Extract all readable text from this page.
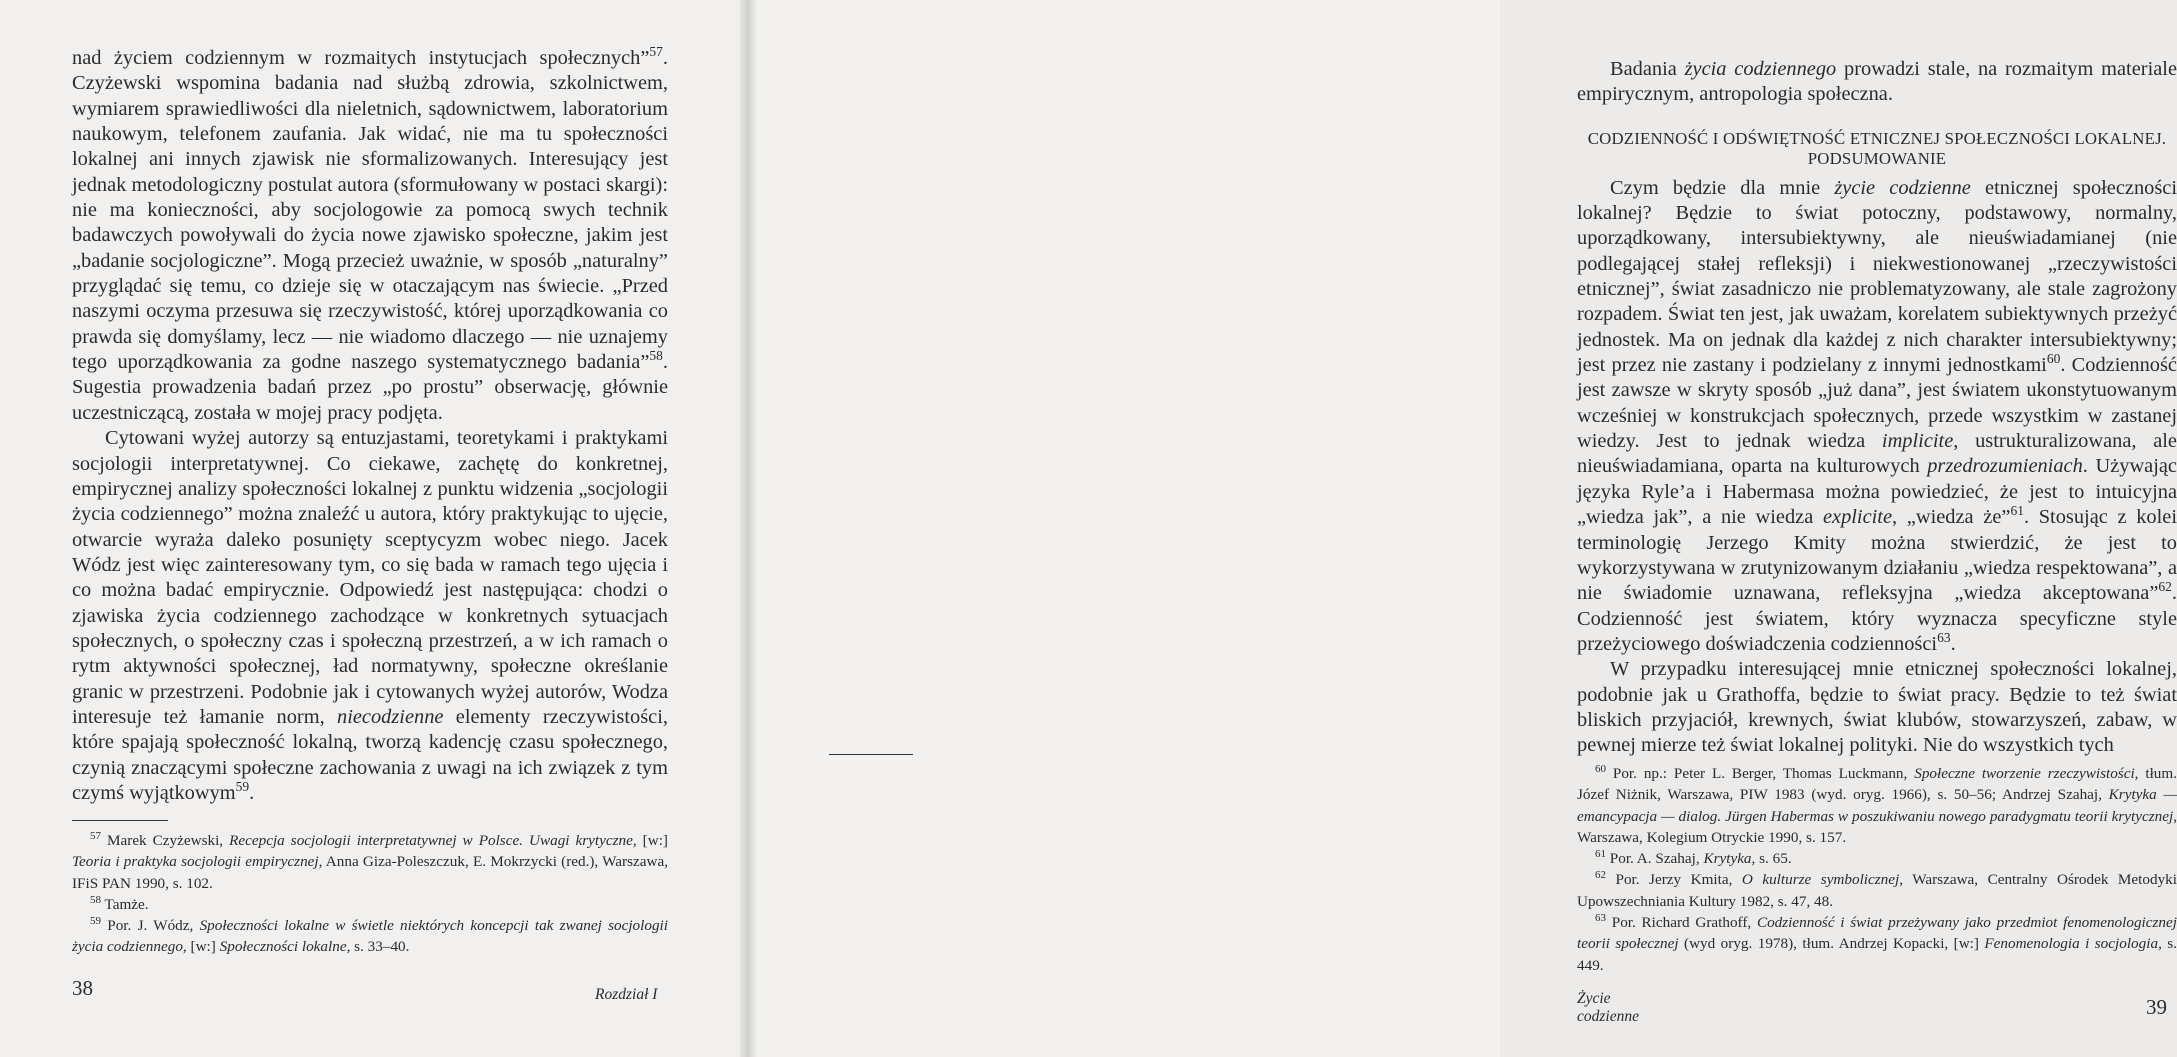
nad życiem codziennym w rozmaitych instytucjach społecznych”$^{57}$. Czyżewski wspomina badania nad służbą zdrowia, szkolnictwem, wymiarem sprawiedliwości dla nieletnich, sądownictwem, laboratorium naukowym, telefonem zaufania. Jak widać, nie ma tu społeczności lokalnej ani innych zjawisk nie sformalizowanych. Interesujący jest jednak metodologiczny postulat autora (sformułowany w postaci skargi): nie ma konieczności, aby socjologowie za pomocą swych technik badawczych powoływali do życia nowe zjawisko społeczne, jakim jest „badanie socjologiczne”. Mogą przecież uważnie, w sposób „naturalny” przyglądać się temu, co dzieje się w otaczającym nas świecie. „Przed naszymi oczyma przesuwa się rzeczywistość, której uporządkowania co prawda się domyślamy, lecz — nie wiadomo dlaczego — nie uznajemy tego uporządkowania za godne naszego systematycznego badania”$^{58}$. Sugestia prowadzenia badań przez „po prostu” obserwację, głównie uczestniczącą, została w mojej pracy podjęta.

Cytowani wyżej autorzy są entuzjastami, teoretykami i praktykami socjologii interpretatywnej. Co ciekawe, zachętę do konkretnej, empirycznej analizy społeczności lokalnej z punktu widzenia „socjologii życia codziennego” można znaleźć u autora, który praktykując to ujęcie, otwarcie wyraża daleko posunięty sceptycyzm wobec niego. Jacek Wódz jest więc zainteresowany tym, co się bada w ramach tego ujęcia i co można badać empirycznie. Odpowiedź jest następująca: chodzi o zjawiska życia codziennego zachodzące w konkretnych sytuacjach społecznych, o społeczny czas i społeczną przestrzeń, a w ich ramach o rytm aktywności społecznej, ład normatywny, społeczne określanie granic w przestrzeni. Podobnie jak i cytowanych wyżej autorów, Wodza interesuje też łamanie norm, niecodzienne elementy rzeczywistości, które spajają społeczność lokalną, tworzą kadencję czasu społecznego, czynią znaczącymi społeczne zachowania z uwagi na ich związek z tym czymś wyjątkowym$^{59}$.

$^{57}$ Marek Czyżewski, Recepcja socjologii interpretatywnej w Polsce. Uwagi krytyczne, [w:] Teoria i praktyka socjologii empirycznej, Anna Giza-Poleszczuk, E. Mokrzycki (red.), Warszawa, IFiS PAN 1990, s. 102.

$^{58}$ Tamże.

$^{59}$ Por. J. Wódz, Społeczności lokalne w świetle niektórych koncepcji tak zwanej socjologii życia codziennego, [w:] Społeczności lokalne, s. 33–40.

38	Rozdział I

Badania życia codziennego prowadzi stale, na rozmaitym materiale empirycznym, antropologia społeczna.

CODZIENNOŚĆ I ODŚWIĘTNOŚĆ ETNICZNEJ SPOŁECZNOŚCI LOKALNEJ.
PODSUMOWANIE

Czym będzie dla mnie życie codzienne etnicznej społeczności lokalnej? Będzie to świat potoczny, podstawowy, normalny, uporządkowany, intersubiektywny, ale nieuświadamianej (nie podlegającej stałej refleksji) i niekwestionowanej „rzeczywistości etnicznej”, świat zasadniczo nie problematyzowany, ale stale zagrożony rozpadem. Świat ten jest, jak uważam, korelatem subiektywnych przeżyć jednostek. Ma on jednak dla każdej z nich charakter intersubiektywny; jest przez nie zastany i podzielany z innymi jednostkami$^{60}$. Codzienność jest zawsze w skryty sposób „już dana”, jest światem ukonstytuowanym wcześniej w konstrukcjach społecznych, przede wszystkim w zastanej wiedzy. Jest to jednak wiedza implicite, ustrukturalizowana, ale nieuświadamiana, oparta na kulturowych przedrozumieniach. Używając języka Ryle’a i Habermasa można powiedzieć, że jest to intuicyjna „wiedza jak”, a nie wiedza explicite, „wiedza że”$^{61}$. Stosując z kolei terminologię Jerzego Kmity można stwierdzić, że jest to wykorzystywana w zrutynizowanym działaniu „wiedza respektowana”, a nie świadomie uznawana, refleksyjna „wiedza akceptowana”$^{62}$. Codzienność jest światem, który wyznacza specyficzne style przeżyciowego doświadczenia codzienności$^{63}$.

W przypadku interesującej mnie etnicznej społeczności lokalnej, podobnie jak u Grathoffa, będzie to świat pracy. Będzie to też świat bliskich przyjaciół, krewnych, świat klubów, stowarzyszeń, zabaw, w pewnej mierze też świat lokalnej polityki. Nie do wszystkich tych

$^{60}$ Por. np.: Peter L. Berger, Thomas Luckmann, Społeczne tworzenie rzeczywistości, tłum. Józef Niżnik, Warszawa, PIW 1983 (wyd. oryg. 1966), s. 50–56; Andrzej Szahaj, Krytyka — emancypacja — dialog. Jürgen Habermas w poszukiwaniu nowego paradygmatu teorii krytycznej, Warszawa, Kolegium Otryckie 1990, s. 157.

$^{61}$ Por. A. Szahaj, Krytyka, s. 65.

$^{62}$ Por. Jerzy Kmita, O kulturze symbolicznej, Warszawa, Centralny Ośrodek Metodyki Upowszechniania Kultury 1982, s. 47, 48.

$^{63}$ Por. Richard Grathoff, Codzienność i świat przeżywany jako przedmiot fenomenologicznej teorii społecznej (wyd oryg. 1978), tłum. Andrzej Kopacki, [w:] Fenomenologia i socjologia, s. 449.

Życie codzienne	39
